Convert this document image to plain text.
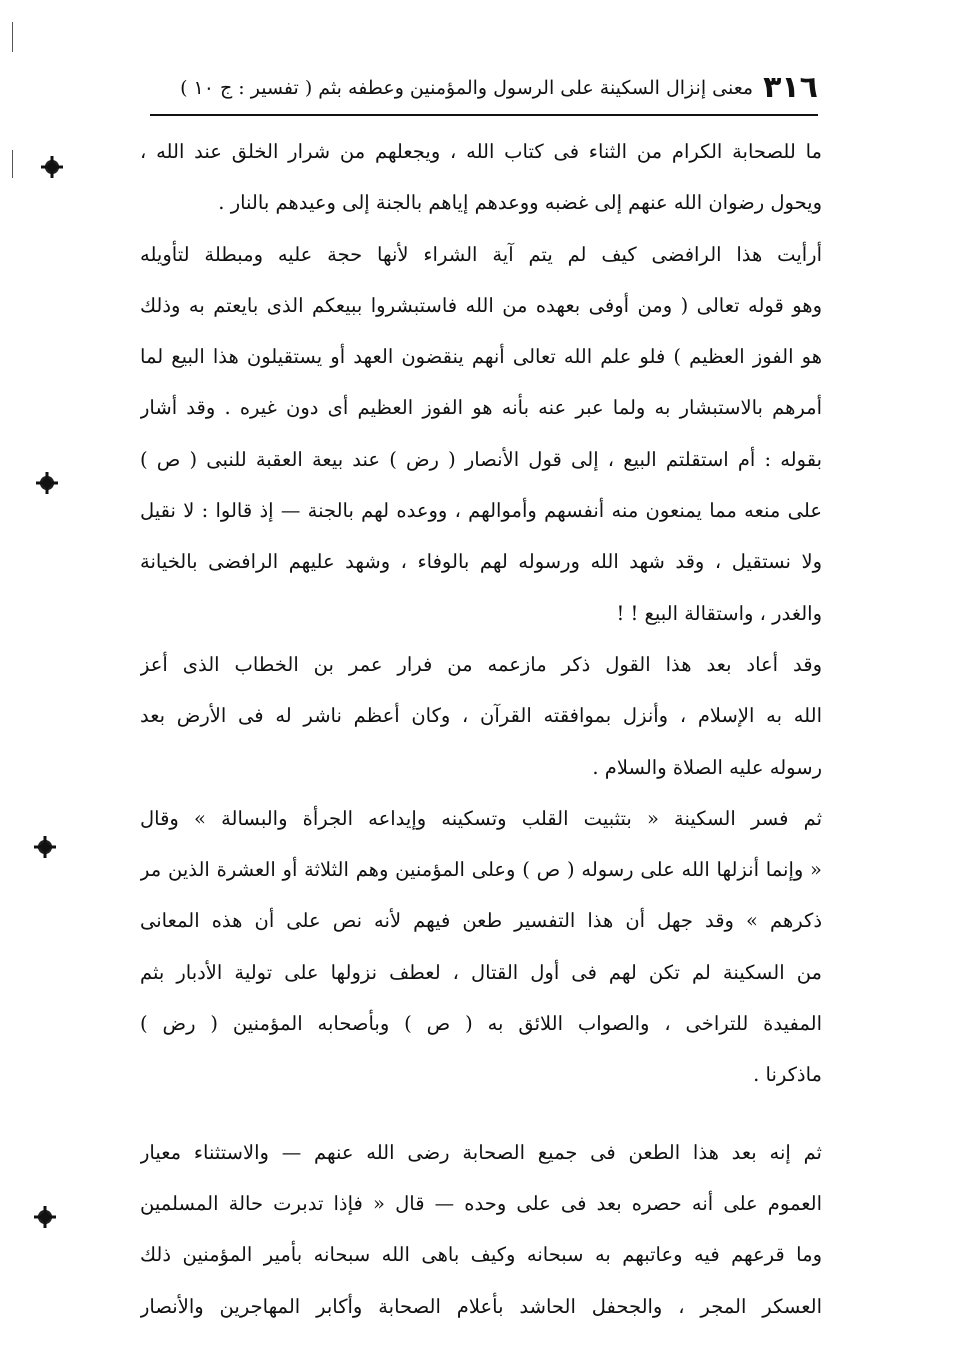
٣١٦
معنى إنزال السكينة على الرسول والمؤمنين وعطفه بثم ( تفسير : ج ١٠ )
ما للصحابة الكرام من الثناء فى كتاب الله ، ويجعلهم من شرار الخلق عند الله ،
ويحول رضوان الله عنهم إلى غضبه ووعدهم إياهم بالجنة إلى وعيدهم بالنار .
أرأيت هذا الرافضى كيف لم يتم آية الشراء لأنها حجة عليه ومبطلة لتأويله
وهو قوله تعالى ( ومن أوفى بعهده من الله فاستبشروا ببيعكم الذى بايعتم به وذلك
هو الفوز العظيم ) فلو علم الله تعالى أنهم ينقضون العهد أو يستقيلون هذا البيع لما
أمرهم بالاستبشار به ولما عبر عنه بأنه هو الفوز العظيم أى دون غيره . وقد أشار
بقوله : أم استقلتم البيع ، إلى قول الأنصار ( رض ) عند بيعة العقبة للنبى ( ص )
على منعه مما يمنعون منه أنفسهم وأموالهم ، ووعده لهم بالجنة — إذ قالوا : لا نقيل
ولا نستقيل ، وقد شهد الله ورسوله لهم بالوفاء ، وشهد عليهم الرافضى بالخيانة
والغدر ، واستقالة البيع ! !
وقد أعاد بعد هذا القول ذكر مازعمه من فرار عمر بن الخطاب الذى أعز
الله به الإسلام ، وأنزل بموافقته القرآن ، وكان أعظم ناشر له فى الأرض بعد
رسوله عليه الصلاة والسلام .
ثم فسر السكينة « بتثبيت القلب وتسكينه وإيداعه الجرأة والبسالة » وقال
« وإنما أنزلها الله على رسوله ( ص ) وعلى المؤمنين وهم الثلاثة أو العشرة الذين مر
ذكرهم » وقد جهل أن هذا التفسير طعن فيهم لأنه نص على أن هذه المعانى
من السكينة لم تكن لهم فى أول القتال ، لعطف نزولها على تولية الأدبار بثم
المفيدة للتراخى ، والصواب اللائق به ( ص ) وبأصحابه المؤمنين ( رض )
ماذكرنا .
ثم إنه بعد هذا الطعن فى جميع الصحابة رضى الله عنهم — والاستثناء معيار
العموم على أنه حصره بعد فى على وحده — قال « فإذا تدبرت حالة المسلمين
وما قرعهم فيه وعاتبهم به سبحانه وكيف باهى الله سبحانه بأمير المؤمنين ذلك
العسكر المجر ، والجحفل الحاشد بأعلام الصحابة وأكابر المهاجرين والأنصار
